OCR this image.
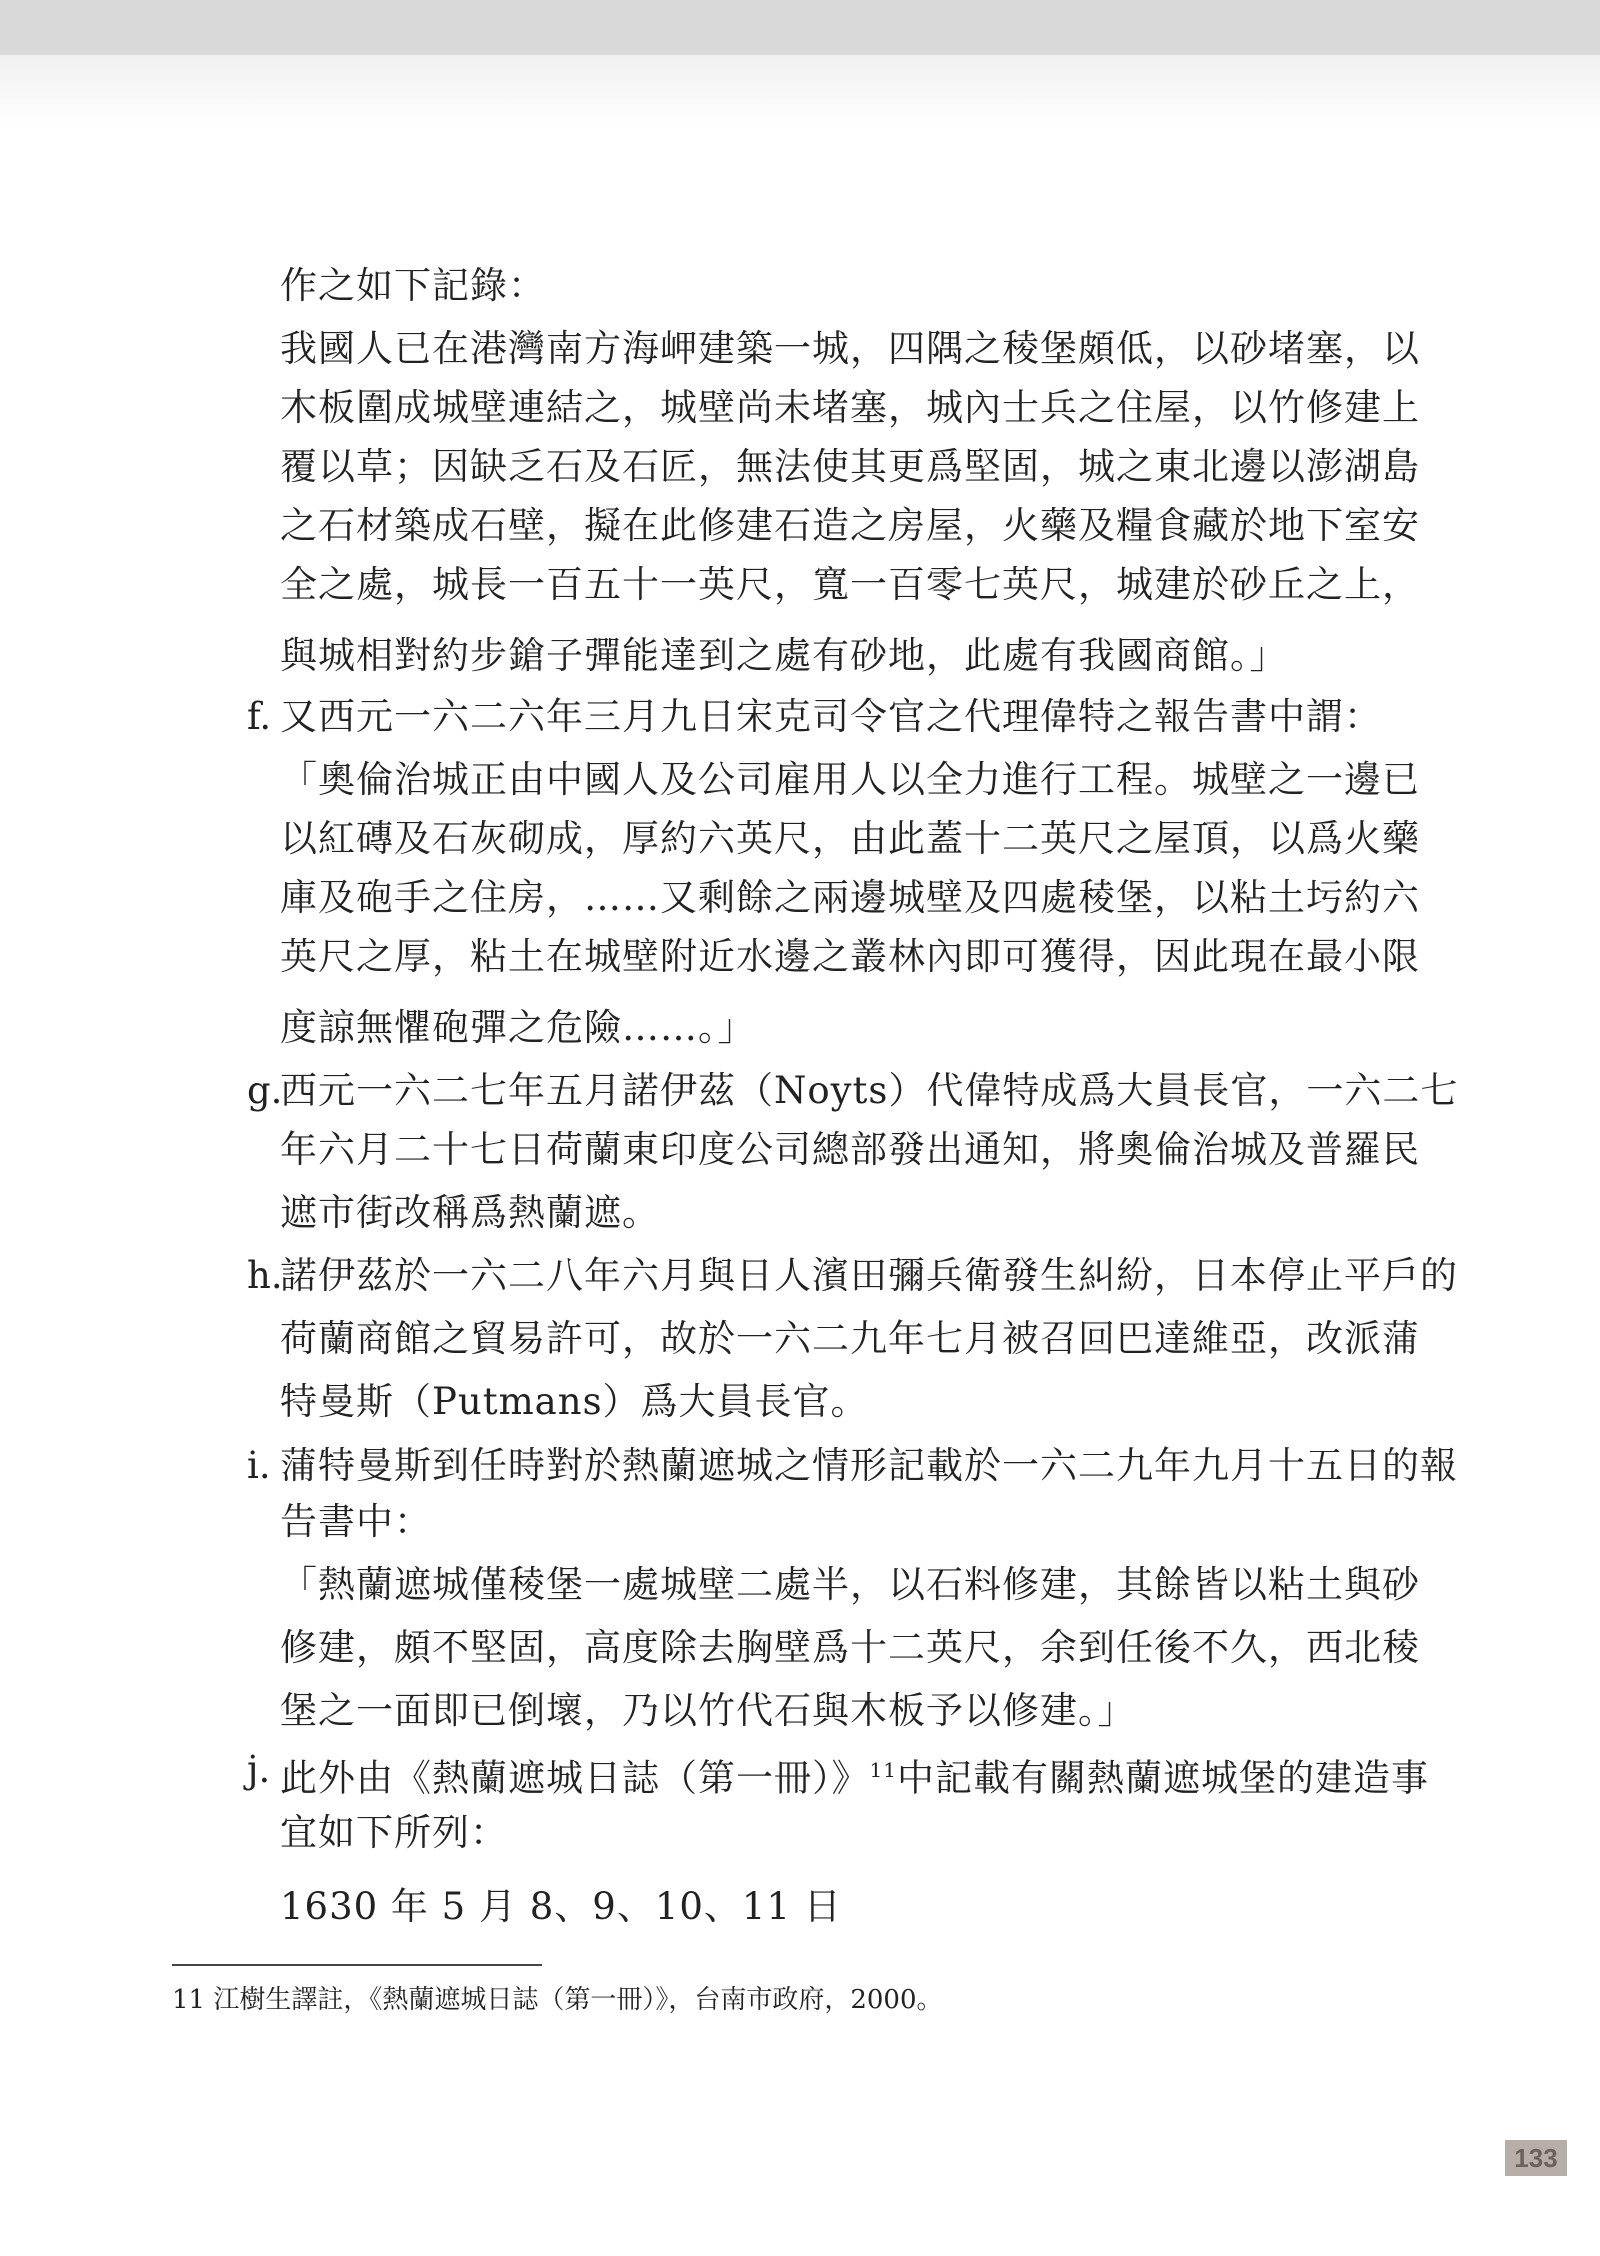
作之如下記錄：
我國人已在港灣南方海岬建築一城，四隅之稜堡頗低，以砂堵塞，以
木板圍成城壁連結之，城壁尚未堵塞，城內士兵之住屋，以竹修建上
覆以草；因缺乏石及石匠，無法使其更爲堅固，城之東北邊以澎湖島
之石材築成石壁，擬在此修建石造之房屋，火藥及糧食藏於地下室安
全之處，城長一百五十一英尺，寬一百零七英尺，城建於砂丘之上，
與城相對約步鎗子彈能達到之處有砂地，此處有我國商館。」
f. 又西元一六二六年三月九日宋克司令官之代理偉特之報告書中謂：
「奧倫治城正由中國人及公司雇用人以全力進行工程。城壁之一邊已
以紅磚及石灰砌成，厚約六英尺，由此蓋十二英尺之屋頂，以爲火藥
庫及砲手之住房，……又剩餘之兩邊城壁及四處稜堡，以粘土圬約六
英尺之厚，粘土在城壁附近水邊之叢林內即可獲得，因此現在最小限
度諒無懼砲彈之危險……。」
g.
西元一六二七年五月諾伊茲（Noyts）代偉特成爲大員長官，一六二七
年六月二十七日荷蘭東印度公司總部發出通知，將奧倫治城及普羅民
遮市街改稱爲熱蘭遮。
h.
諾伊茲於一六二八年六月與日人濱田彌兵衛發生糾紛，日本停止平戶的
荷蘭商館之貿易許可，故於一六二九年七月被召回巴達維亞，改派蒲
特曼斯（Putmans）爲大員長官。
i. 蒲特曼斯到任時對於熱蘭遮城之情形記載於一六二九年九月十五日的報
告書中：
「熱蘭遮城僅稜堡一處城壁二處半，以石料修建，其餘皆以粘土與砂
修建，頗不堅固，高度除去胸壁爲十二英尺，余到任後不久，西北稜
堡之一面即已倒壞，乃以竹代石與木板予以修建。」
j. 此外由《熱蘭遮城日誌（第一冊）》$^{11}$中記載有關熱蘭遮城堡的建造事
宜如下所列：
1630 年 5 月 8、9、10、11 日
11 江樹生譯註，《熱蘭遮城日誌（第一冊）》，台南市政府，2000。
133
